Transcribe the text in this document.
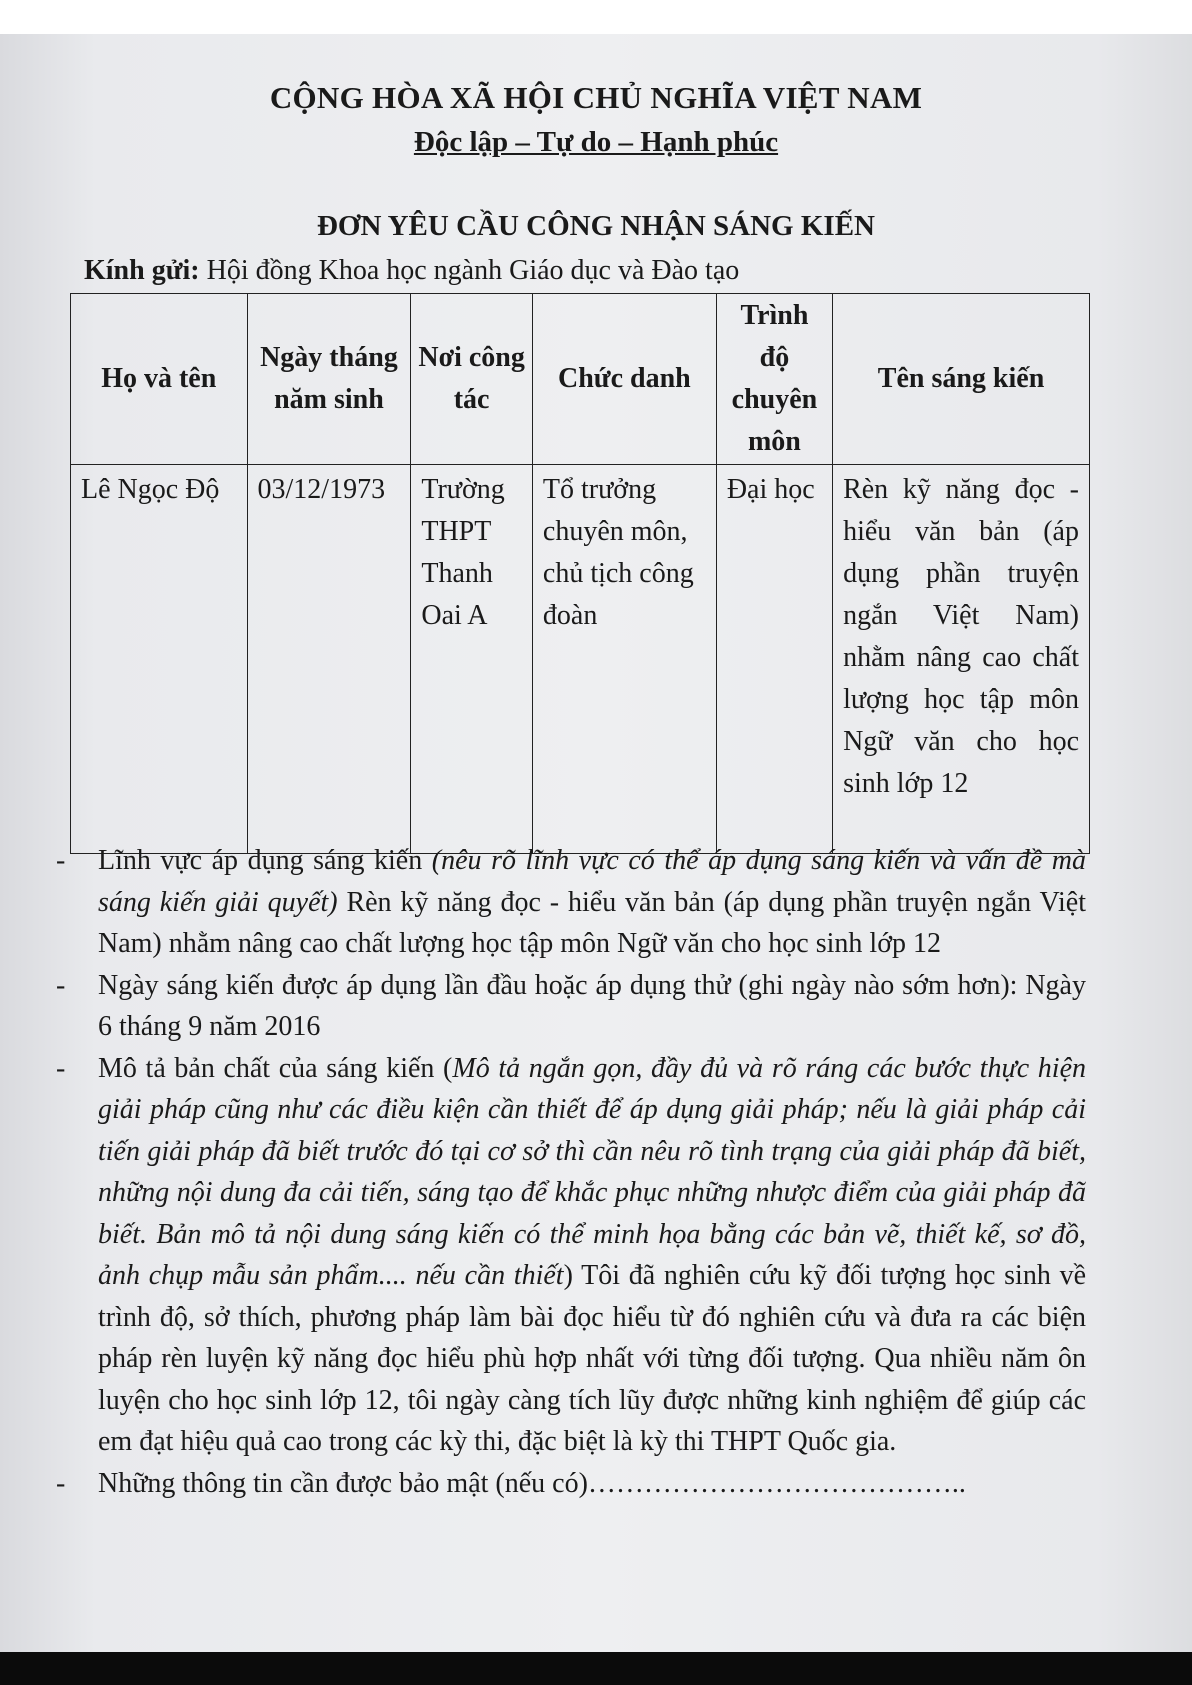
CỘNG HÒA XÃ HỘI CHỦ NGHĨA VIỆT NAM
Độc lập – Tự do – Hạnh phúc
ĐƠN YÊU CẦU CÔNG NHẬN SÁNG KIẾN
Kính gửi: Hội đồng Khoa học ngành Giáo dục và Đào tạo
Họ và tên	Ngày tháng năm sinh	Nơi công tác	Chức danh	Trình độ chuyên môn	Tên sáng kiến
Lê Ngọc Độ	03/12/1973	Trường THPT Thanh Oai A	Tổ trưởng chuyên môn, chủ tịch công đoàn	Đại học	Rèn kỹ năng đọc - hiểu văn bản (áp dụng phần truyện ngắn Việt Nam) nhằm nâng cao chất lượng học tập môn Ngữ văn cho học sinh lớp 12
- Lĩnh vực áp dụng sáng kiến (nêu rõ lĩnh vực có thể áp dụng sáng kiến và vấn đề mà sáng kiến giải quyết) Rèn kỹ năng đọc - hiểu văn bản (áp dụng phần truyện ngắn Việt Nam) nhằm nâng cao chất lượng học tập môn Ngữ văn cho học sinh lớp 12
- Ngày sáng kiến được áp dụng lần đầu hoặc áp dụng thử (ghi ngày nào sớm hơn): Ngày 6 tháng 9 năm 2016
- Mô tả bản chất của sáng kiến (Mô tả ngắn gọn, đầy đủ và rõ ráng các bước thực hiện giải pháp cũng như các điều kiện cần thiết để áp dụng giải pháp; nếu là giải pháp cải tiến giải pháp đã biết trước đó tại cơ sở thì cần nêu rõ tình trạng của giải pháp đã biết, những nội dung đa cải tiến, sáng tạo để khắc phục những nhược điểm của giải pháp đã biết. Bản mô tả nội dung sáng kiến có thể minh họa bằng các bản vẽ, thiết kế, sơ đồ, ảnh chụp mẫu sản phẩm.... nếu cần thiết) Tôi đã nghiên cứu kỹ đối tượng học sinh về trình độ, sở thích, phương pháp làm bài đọc hiểu từ đó nghiên cứu và đưa ra các biện pháp rèn luyện kỹ năng đọc hiểu phù hợp nhất với từng đối tượng. Qua nhiều năm ôn luyện cho học sinh lớp 12, tôi ngày càng tích lũy được những kinh nghiệm để giúp các em đạt hiệu quả cao trong các kỳ thi, đặc biệt là kỳ thi THPT Quốc gia.
- Những thông tin cần được bảo mật (nếu có)…………………………………..
